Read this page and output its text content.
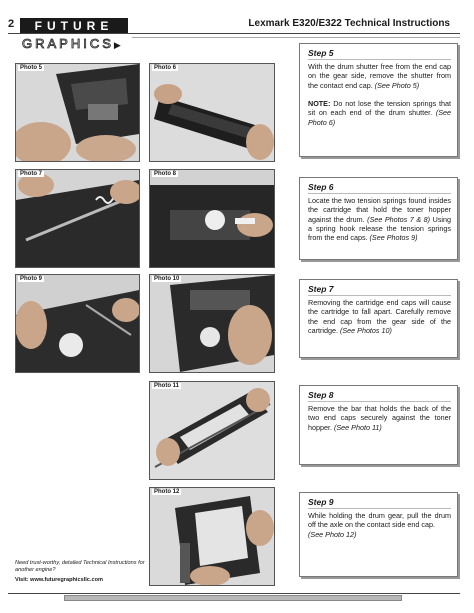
2	FUTURE
GRAPHICS▶
Lexmark E320/E322 Technical Instructions
Photo 5	Photo 6
Photo 7	Photo 8
Photo 9	Photo 10
Photo 11
Photo 12
Step 5
With the drum shutter free from the end cap on the gear side, remove the shutter from the contact end cap. (See Photo 5)

NOTE: Do not lose the tension springs that sit on each end of the drum shutter. (See Photo 6)
Step 6
Locate the two tension springs found insides the cartridge that hold the toner hopper against the drum. (See Photos 7 & 8) Using a spring hook release the tension springs from the end caps. (See Photos 9)
Step 7
Removing the cartridge end caps will cause the cartridge to fall apart. Carefully remove the end cap from the gear side of the cartridge. (See Photos 10)
Step 8
Remove the bar that holds the back of the two end caps securely against the toner hopper. (See Photo 11)
Step 9
While holding the drum gear, pull the drum off the axle on the contact side end cap.
(See Photo 12)
Need trust-worthy, detailed Technical Instructions for another engine?
Visit: www.futuregraphicsllc.com
